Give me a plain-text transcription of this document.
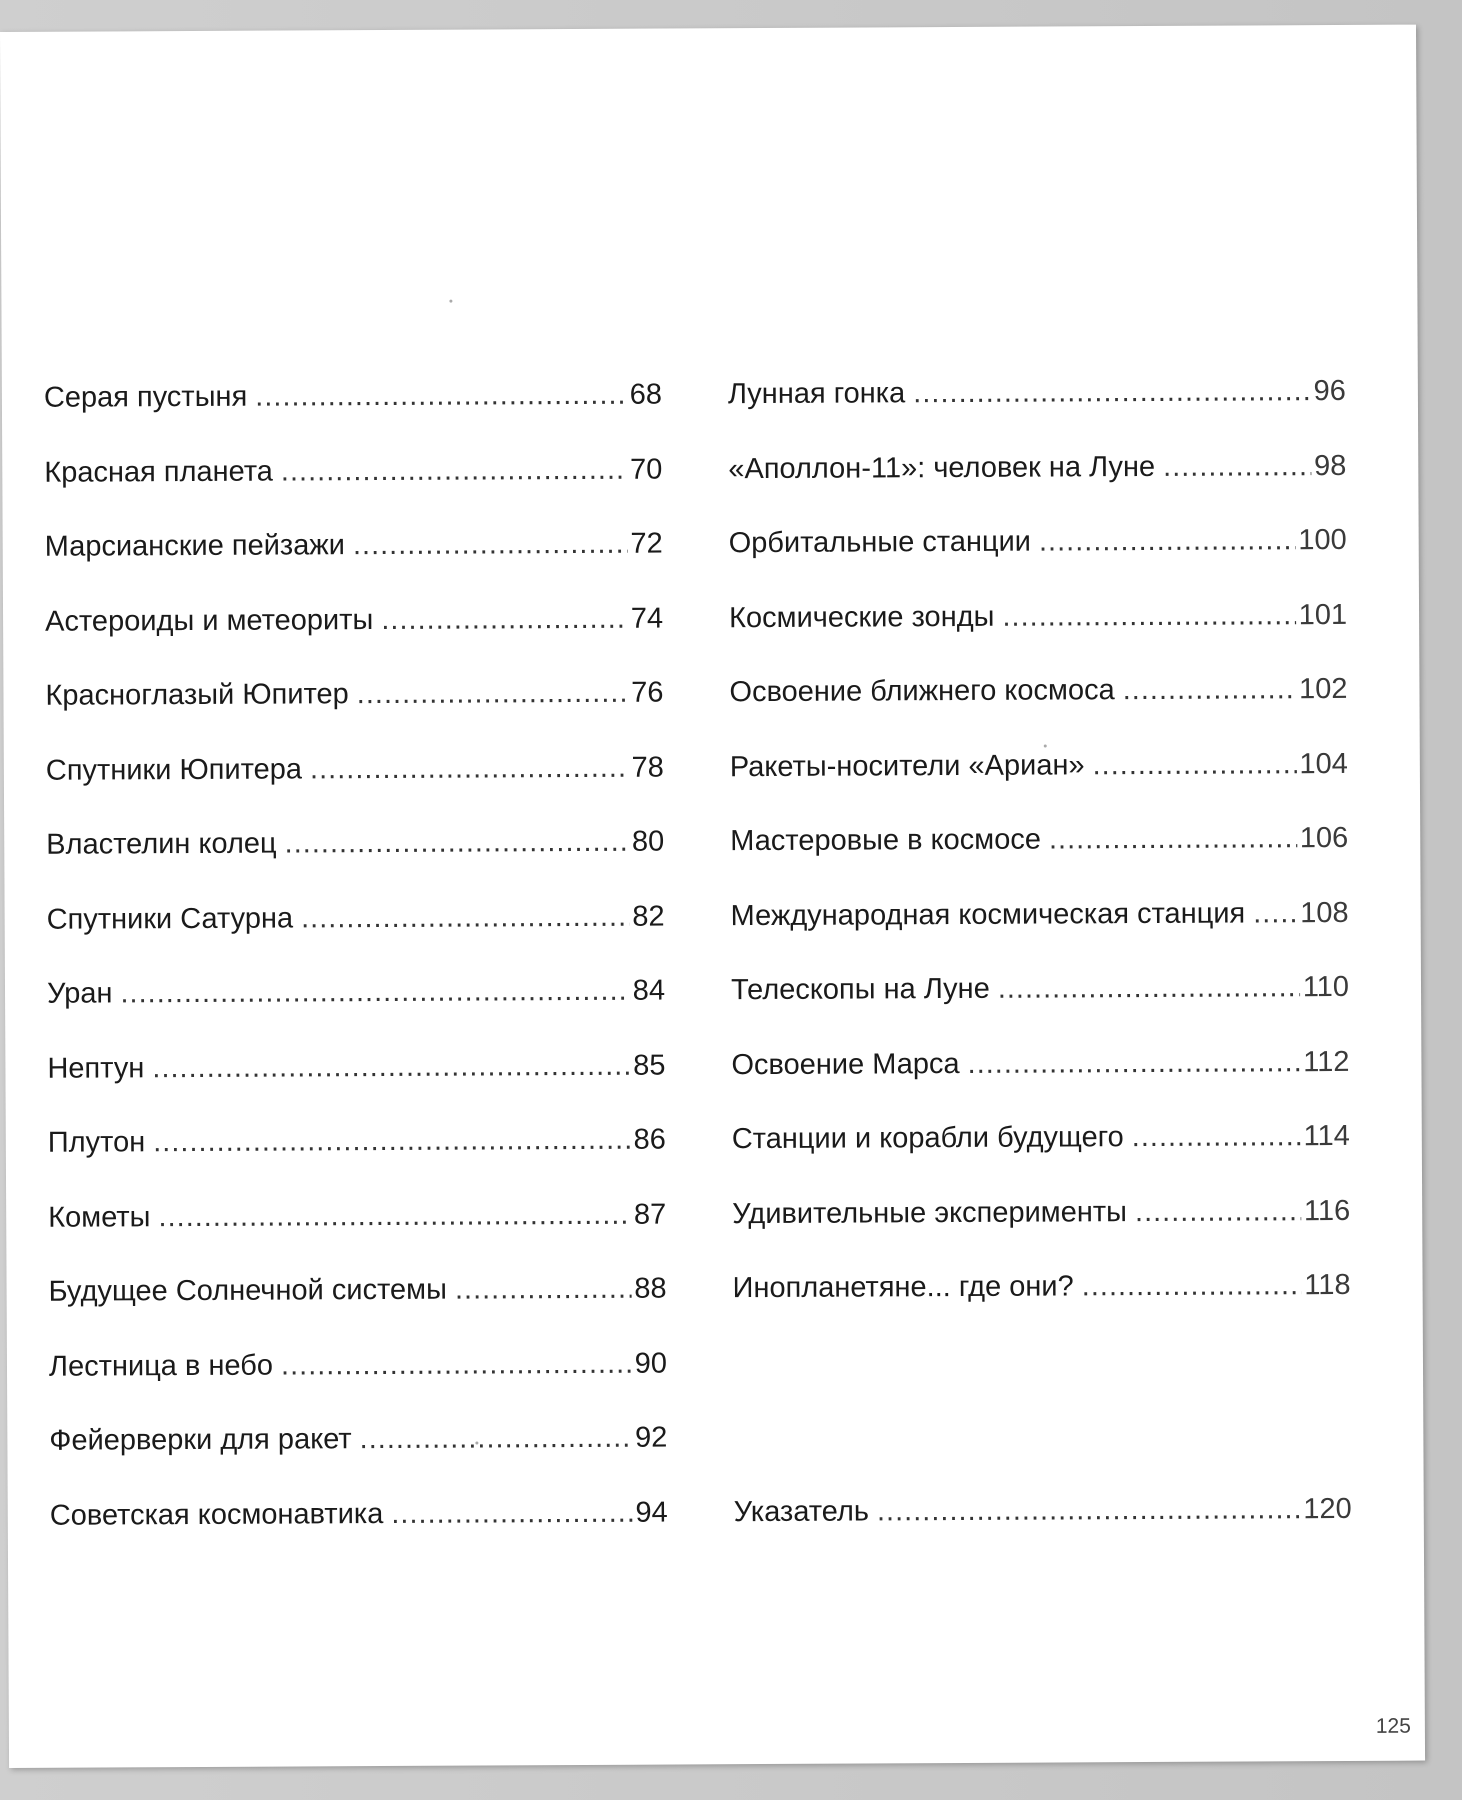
Серая пустыня .....	68
Красная планета .....	70
Марсианские пейзажи .....	72
Астероиды и метеориты .....	74
Красноглазый Юпитер .....	76
Спутники Юпитера .....	78
Властелин колец .....	80
Спутники Сатурна .....	82
Уран .....	84
Нептун .....	85
Плутон .....	86
Кометы .....	87
Будущее Солнечной системы .....	88
Лестница в небо .....	90
Фейерверки для ракет .....	92
Советская космонавтика .....	94
Лунная гонка .....	96
«Аполлон-11»: человек на Луне .....	98
Орбитальные станции .....	100
Космические зонды .....	101
Освоение ближнего космоса .....	102
Ракеты-носители «Ариан» .....	104
Мастеровые в космосе .....	106
Международная космическая станция ..... 108
Телескопы на Луне .....	110
Освоение Марса .....	112
Станции и корабли будущего .....	114
Удивительные эксперименты .....	116
Инопланетяне... где они? .....	118
Указатель .....	120
125
